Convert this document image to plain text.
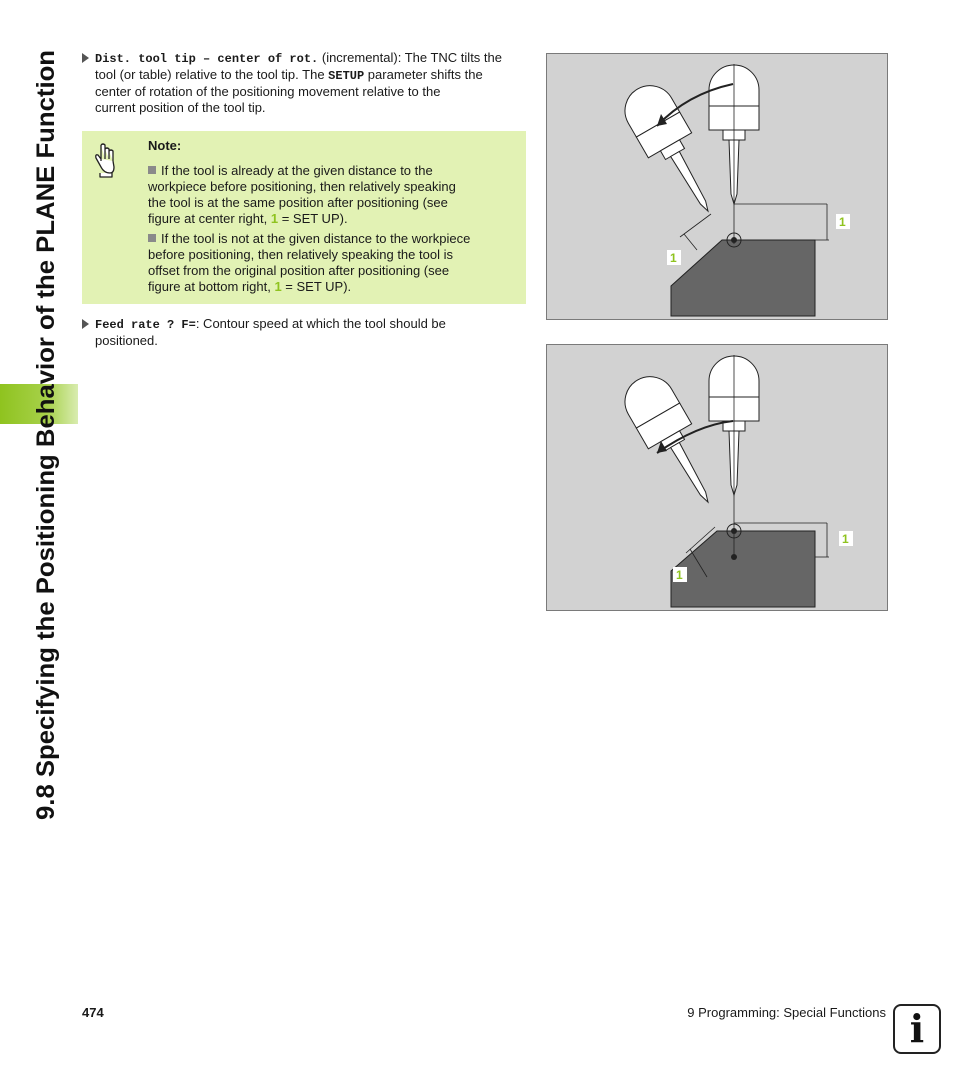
9.8 Specifying the Positioning Behavior of the PLANE Function
Dist. tool tip – center of rot. (incremental): The TNC tilts the
tool (or table) relative to the tool tip. The SETUP parameter shifts the
center of rotation of the positioning movement relative to the
current position of the tool tip.
Note:
If the tool is already at the given distance to the
workpiece before positioning, then relatively speaking
the tool is at the same position after positioning (see
figure at center right, 1 = SET UP).
If the tool is not at the given distance to the workpiece
before positioning, then relatively speaking the tool is
offset from the original position after positioning (see
figure at bottom right, 1 = SET UP).
Feed rate ? F=: Contour speed at which the tool should be
positioned.
1
1
1
1
474	9 Programming: Special Functions i
